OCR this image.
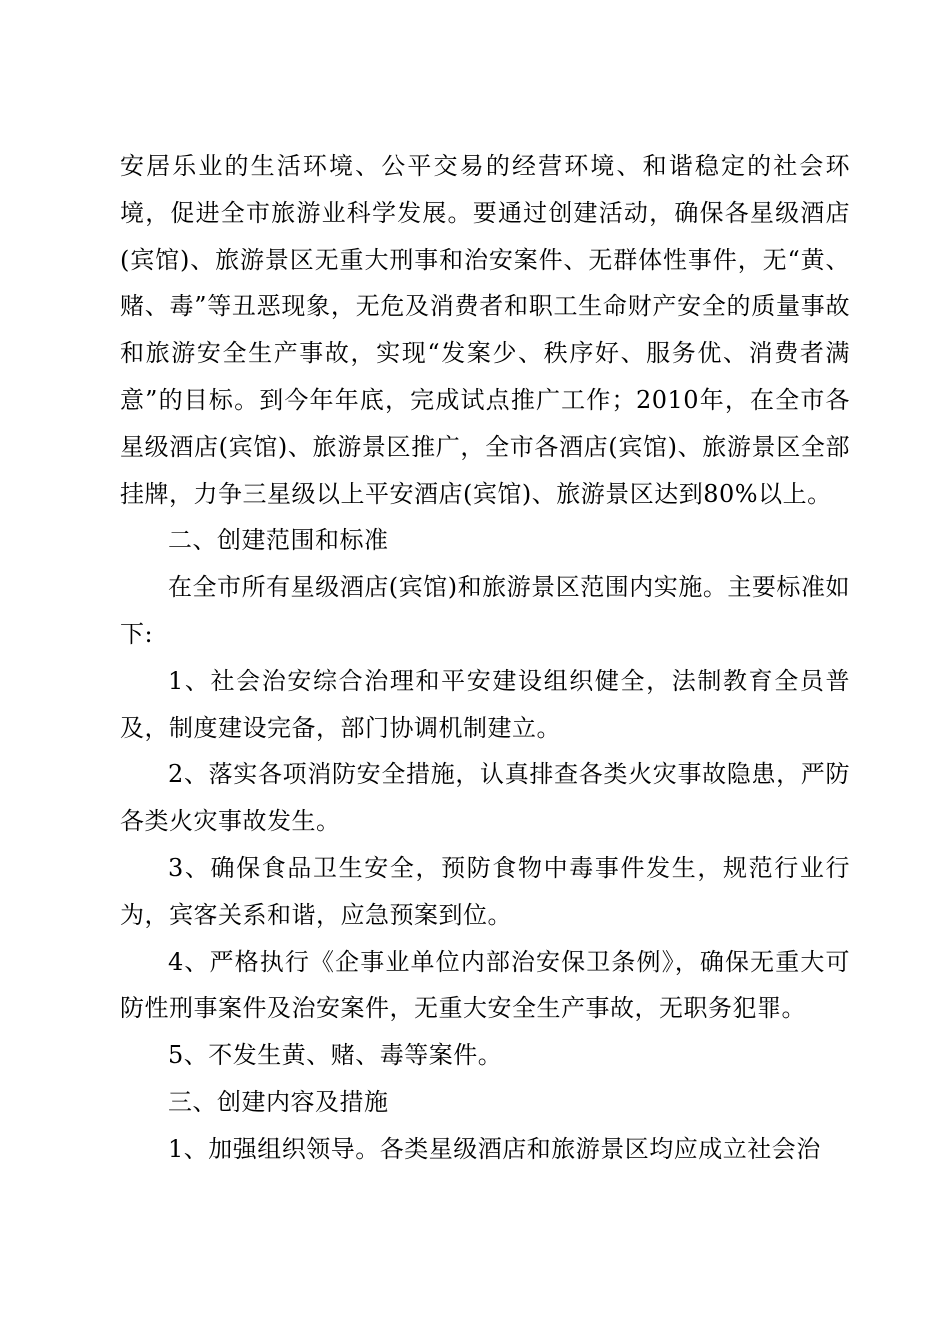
安居乐业的生活环境、公平交易的经营环境、和谐稳定的社会环境，促进全市旅游业科学发展。要通过创建活动，确保各星级酒店(宾馆)、旅游景区无重大刑事和治安案件、无群体性事件，无“黄、赌、毒”等丑恶现象，无危及消费者和职工生命财产安全的质量事故和旅游安全生产事故，实现“发案少、秩序好、服务优、消费者满意”的目标。到今年年底，完成试点推广工作；2010年，在全市各星级酒店(宾馆)、旅游景区推广，全市各酒店(宾馆)、旅游景区全部挂牌，力争三星级以上平安酒店(宾馆)、旅游景区达到80%以上。

二、创建范围和标准

在全市所有星级酒店(宾馆)和旅游景区范围内实施。主要标准如下:

1、社会治安综合治理和平安建设组织健全，法制教育全员普及，制度建设完备，部门协调机制建立。

2、落实各项消防安全措施，认真排查各类火灾事故隐患，严防各类火灾事故发生。

3、确保食品卫生安全，预防食物中毒事件发生，规范行业行为，宾客关系和谐，应急预案到位。

4、严格执行《企事业单位内部治安保卫条例》，确保无重大可防性刑事案件及治安案件，无重大安全生产事故，无职务犯罪。

5、不发生黄、赌、毒等案件。

三、创建内容及措施

1、加强组织领导。各类星级酒店和旅游景区均应成立社会治
